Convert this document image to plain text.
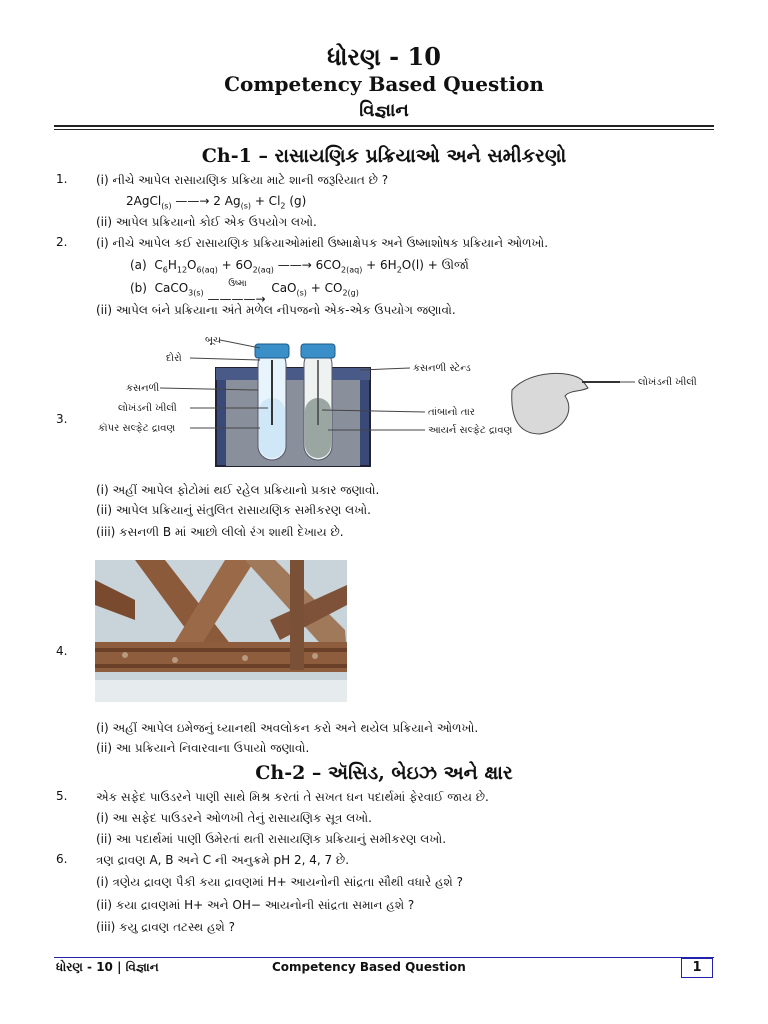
ધોરણ - 10
Competency Based Question
વિજ્ઞાન
Ch-1 – રાસાયણિક પ્રક્રિયાઓ અને સમીકરણો
1. (i) નીચે આપેલ રાસાયણિક પ્રક્રિયા માટે શાની જરૂરિયાત છે ?
2AgCl$_{(s)}$ ——→ 2 $Ag_{(s)} + Cl_2$ (g)
(ii) આપેલ પ્રક્રિયાનો કોઈ એક ઉપયોગ લખો.
2. (i) નીચે આપેલ કઈ રાસાયણિક પ્રક્રિયાઓમાંથી ઉષ્માક્ષેપક અને ઉષ્માશોષક પ્રક્રિયાને ઓળખો.
(a)  $C_6H_{12}O_{6(aq)} + 6O_{2(aq)}$ ——→ $6CO_{2(aq)} + 6H_2O(l)$ + ઊર્જા
(b)  CaCO$_{3(s)}$ ઉષ્મા
————→
$CaO_{(s)} + CO_{2(g)}$
(ii) આપેલ બંને પ્રક્રિયાના અંતે મળેલ નીપજનો એક-એક ઉપયોગ જણાવો.
3.
બૂચ
દોરો
કસનળી
લોખંડની ખીલી
કૉપર સલ્ફેટ દ્રાવણ
કસનળી સ્ટેન્ડ
તાંબાનો તાર
આયર્ન સલ્ફેટ દ્રાવણ
લોખંડની ખીલી
(i) અહીં આપેલ ફોટોમાં થઈ રહેલ પ્રક્રિયાનો પ્રકાર જણાવો.
(ii) આપેલ પ્રક્રિયાનું સંતુલિત રાસાયણિક સમીકરણ લખો.
(iii) કસનળી B માં આછો લીલો રંગ શાથી દેખાય છે.
4.
(i) અહીં આપેલ ઇમેજનું ધ્યાનથી અવલોકન કરો અને થયેલ પ્રક્રિયાને ઓળખો.
(ii) આ પ્રક્રિયાને નિવારવાના ઉપાયો જણાવો.
Ch-2 – ઍસિડ, બેઇઝ અને ક્ષાર
5. એક સફેદ પાઉડરને પાણી સાથે મિશ્ર કરતાં તે સખત ઘન પદાર્થમાં ફેરવાઈ જાય છે.
(i) આ સફેદ પાઉડરને ઓળખી તેનું રાસાયણિક સૂત્ર લખો.
(ii) આ પદાર્થમાં પાણી ઉમેરતાં થતી રાસાયણિક પ્રક્રિયાનું સમીકરણ લખો.
6. ત્રણ દ્રાવણ A, B અને C ની અનુક્રમે pH 2, 4, 7 છે.
(i) ત્રણેય દ્રાવણ પૈકી કયા દ્રાવણમાં H+ આયનોની સાંદ્રતા સૌથી વધારે હશે ?
(ii) કયા દ્રાવણમાં H+ અને OH− આયનોની સાંદ્રતા સમાન હશે ?
(iii) કયુ દ્રાવણ તટસ્થ હશે ?
ધોરણ - 10 | વિજ્ઞાન	Competency Based Question	1
